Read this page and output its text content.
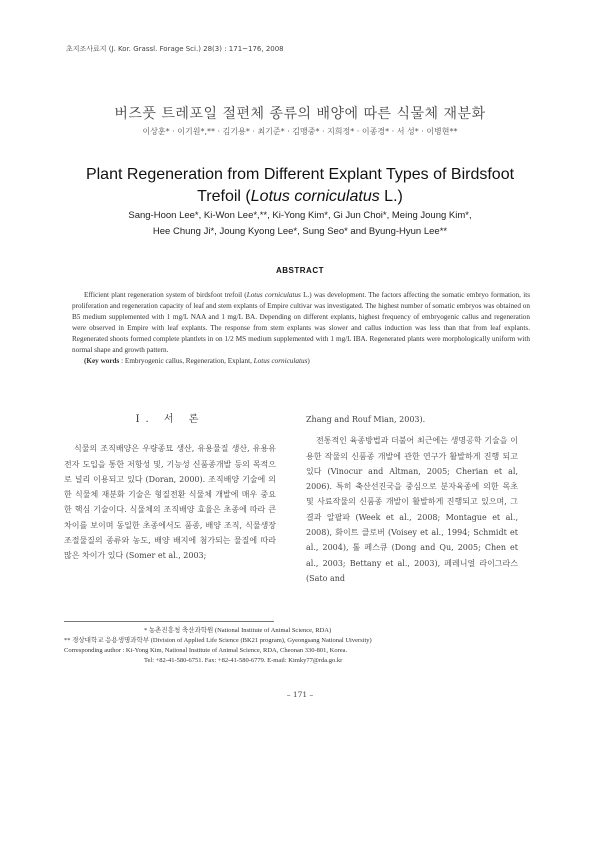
초지조사료지 (J. Kor. Grassl. Forage Sci.) 28(3) : 171~176, 2008
버즈풋 트레포일 절편체 종류의 배양에 따른 식물체 재분화
이상훈* · 이기원*,** · 김기용* · 최기준* · 김맹중* · 지희정* · 이종경* · 서 성* · 이병현**
Plant Regeneration from Different Explant Types of Birdsfoot
Trefoil (Lotus corniculatus L.)
Sang-Hoon Lee*, Ki-Won Lee*,**, Ki-Yong Kim*, Gi Jun Choi*, Meing Joung Kim*,
Hee Chung Ji*, Joung Kyong Lee*, Sung Seo* and Byung-Hyun Lee**
ABSTRACT

Efficient plant regeneration system of birdsfoot trefoil (Lotus corniculatus L.) was development. The factors affecting the somatic embryo formation, its proliferation and regeneration capacity of leaf and stem explants of Empire cultivar was investigated. The highest number of somatic embryos was obtained on B5 medium supplemented with 1 mg/L NAA and 1 mg/L BA. Depending on different explants, highest frequency of embryogenic callus and regeneration were observed in Empire with leaf explants. The response from stem explants was slower and callus induction was less than that from leaf explants. Regenerated shoots formed complete plantlets in on 1/2 MS medium supplemented with 1 mg/L IBA. Regenerated plants were morphologically uniform with normal shape and growth pattern.

(Key words : Embryogenic callus, Regeneration, Explant, Lotus corniculatus)

Ⅰ. 서 론

식물의 조직배양은 우량종묘 생산, 유용물질 생산, 유용유전자 도입을 통한 저항성 및, 기능성 신품종개발 등의 목적으로 널리 이용되고 있다 (Doran, 2000). 조직배양 기술에 의한 식물체 재분화 기술은 형질전환 식물체 개발에 매우 중요한 핵심 기술이다. 식물체의 조직배양 효율은 초종에 따라 큰 차이를 보이며 동일한 초종에서도 품종, 배양 조직, 식물생장조절물질의 종류와 농도, 배양 배지에 첨가되는 물질에 따라 많은 차이가 있다 (Somer et al., 2003;

Zhang and Rouf Mian, 2003).

전통적인 육종방법과 더불어 최근에는 생명공학 기술을 이용한 작물의 신품종 개발에 관한 연구가 활발하게 진행 되고 있다 (Vinocur and Altman, 2005; Cherian et al, 2006). 특히 축산선진국을 중심으로 분자육종에 의한 목초 및 사료작물의 신품종 개발이 활발하게 진행되고 있으며, 그 결과 알팔파 (Week et al., 2008; Montague et al., 2008), 화이트 클로버 (Voisey et al., 1994; Schmidt et al., 2004), 톨 페스큐 (Dong and Qu, 2005; Chen et al., 2003; Bettany et al., 2003), 페레니얼 라이그라스 (Sato and

* 농촌진흥청 축산과학원 (National Institute of Animal Science, RDA)
** 경상대학교 응용생명과학부 (Division of Applied Life Science (BK21 program), Gyeongsang National Uiversity)
Corresponding author : Ki-Yong Kim, National Institute of Animal Science, RDA, Cheonan 330-801, Korea.
Tel: +82-41-580-6751. Fax: +82-41-580-6779. E-mail: Kimky77@rda.go.kr
– 171 –
